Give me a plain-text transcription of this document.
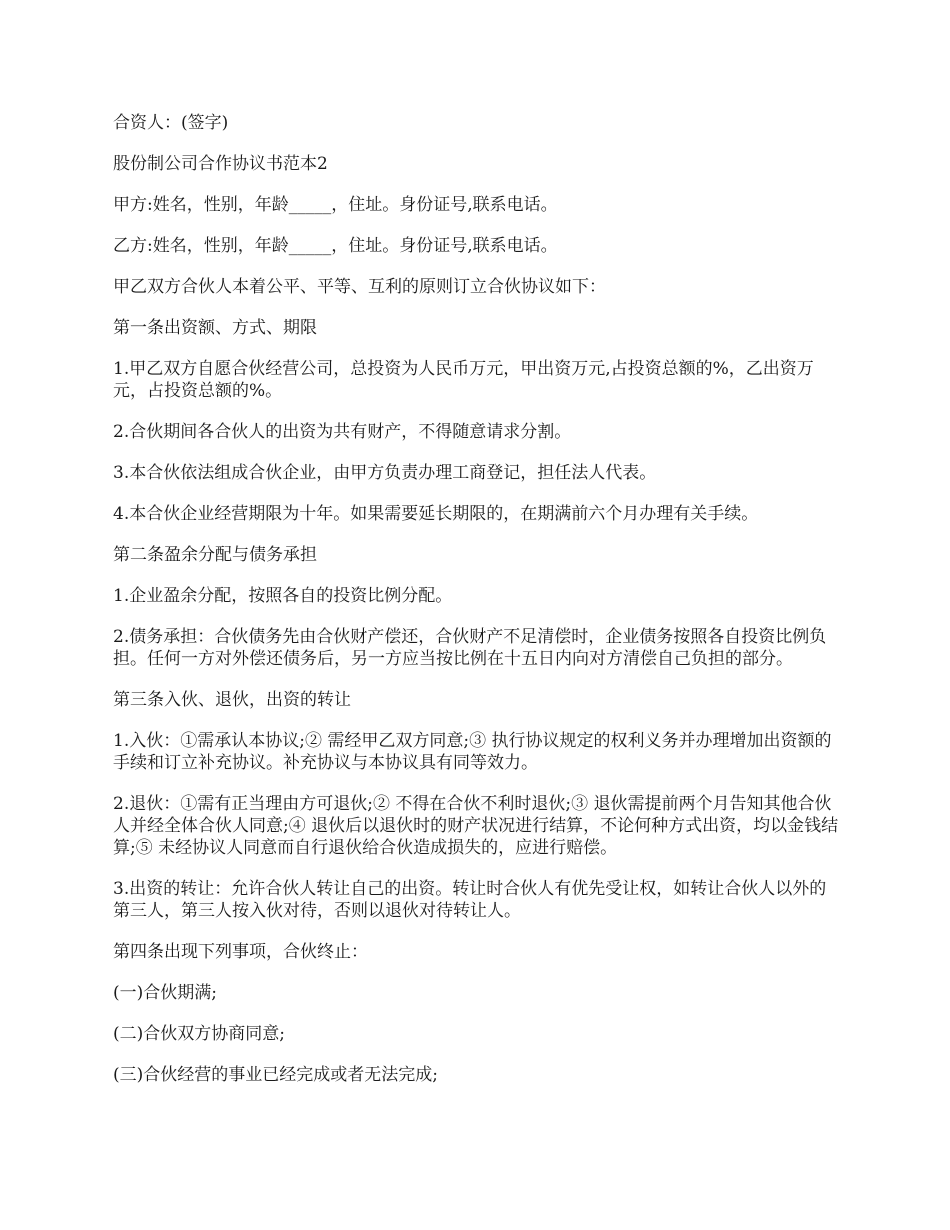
合资人：(签字)

股份制公司合作协议书范本2

甲方:姓名，性别，年龄_____，住址。身份证号,联系电话。

乙方:姓名，性别，年龄_____，住址。身份证号,联系电话。

甲乙双方合伙人本着公平、平等、互利的原则订立合伙协议如下：

第一条出资额、方式、期限

1.甲乙双方自愿合伙经营公司，总投资为人民币万元，甲出资万元,占投资总额的%，乙出资万元，占投资总额的%。

2.合伙期间各合伙人的出资为共有财产，不得随意请求分割。

3.本合伙依法组成合伙企业，由甲方负责办理工商登记，担任法人代表。

4.本合伙企业经营期限为十年。如果需要延长期限的，在期满前六个月办理有关手续。

第二条盈余分配与债务承担

1.企业盈余分配，按照各自的投资比例分配。

2.债务承担：合伙债务先由合伙财产偿还，合伙财产不足清偿时，企业债务按照各自投资比例负担。任何一方对外偿还债务后，另一方应当按比例在十五日内向对方清偿自己负担的部分。

第三条入伙、退伙，出资的转让

1.入伙：①需承认本协议;② 需经甲乙双方同意;③ 执行协议规定的权利义务并办理增加出资额的手续和订立补充协议。补充协议与本协议具有同等效力。

2.退伙：①需有正当理由方可退伙;② 不得在合伙不利时退伙;③ 退伙需提前两个月告知其他合伙人并经全体合伙人同意;④ 退伙后以退伙时的财产状况进行结算，不论何种方式出资，均以金钱结算;⑤ 未经协议人同意而自行退伙给合伙造成损失的，应进行赔偿。

3.出资的转让：允许合伙人转让自己的出资。转让时合伙人有优先受让权，如转让合伙人以外的第三人，第三人按入伙对待，否则以退伙对待转让人。

第四条出现下列事项，合伙终止：

(一)合伙期满;

(二)合伙双方协商同意;

(三)合伙经营的事业已经完成或者无法完成;
